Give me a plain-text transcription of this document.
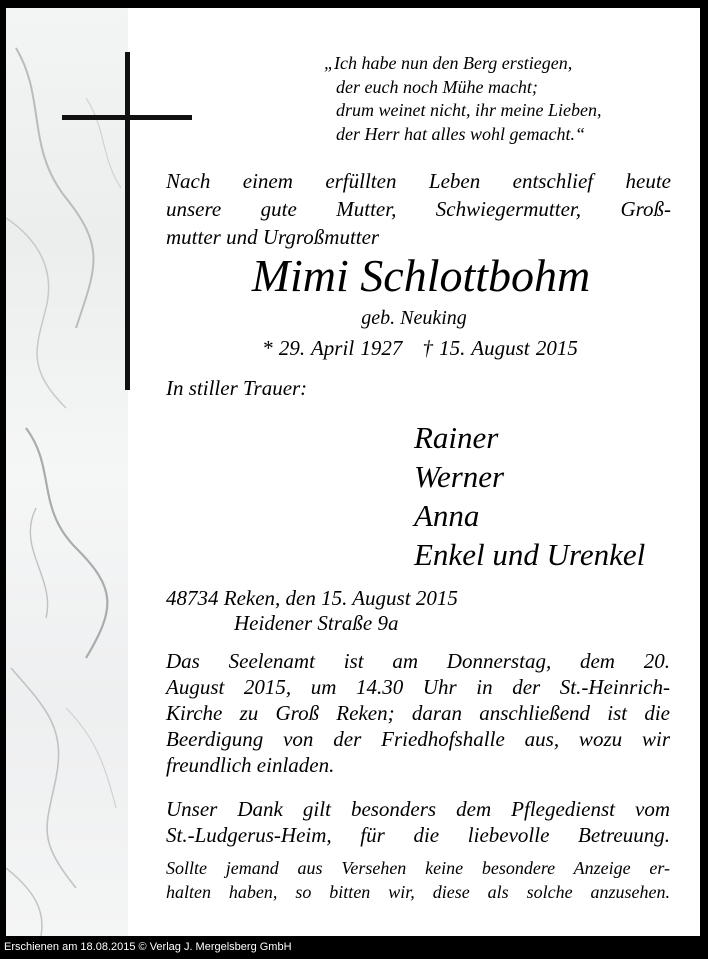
„Ich habe nun den Berg erstiegen,
der euch noch Mühe macht;
drum weinet nicht, ihr meine Lieben,
der Herr hat alles wohl gemacht.“
Nach einem erfüllten Leben entschlief heute
unsere gute Mutter, Schwiegermutter, Groß-
mutter und Urgroßmutter
Mimi Schlottbohm
geb. Neuking
* 29. April 1927 † 15. August 2015
In stiller Trauer:
Rainer
Werner
Anna
Enkel und Urenkel
48734 Reken, den 15. August 2015
Heidener Straße 9a
Das Seelenamt ist am Donnerstag, dem 20.
August 2015, um 14.30 Uhr in der St.-Heinrich-
Kirche zu Groß Reken; daran anschließend ist die
Beerdigung von der Friedhofshalle aus, wozu wir
freundlich einladen.
Unser Dank gilt besonders dem Pflegedienst vom
St.-Ludgerus-Heim, für die liebevolle Betreuung.
Sollte jemand aus Versehen keine besondere Anzeige er-
halten haben, so bitten wir, diese als solche anzusehen.
Erschienen am 18.08.2015 © Verlag J. Mergelsberg GmbH
